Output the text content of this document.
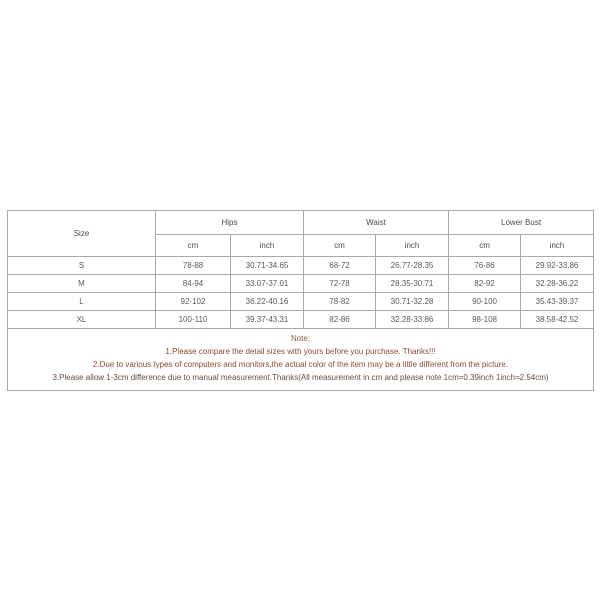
Size	Hips		Waist		Lower Bust	
	cm	inch	cm	inch	cm	inch
S	78-88	30.71-34.65	68-72	26.77-28.35	76-86	29.92-33.86
M	84-94	33.07-37.01	72-78	28.35-30.71	82-92	32.28-36.22
L	92-102	36.22-40.16	78-82	30.71-32.28	90-100	35.43-39.37
XL	100-110	39.37-43.31	82-86	32.28-33.86	98-108	38.58-42.52

Note:
1.Please compare the detail sizes with yours before you purchase. Thanks!!!
2.Due to various types of computers and monitors,the actual color of the item may be a little different from the picture.
3.Please allow 1-3cm difference due to manual measurement.Thanks(All measurement in cm and please note 1cm=0.39inch 1inch=2.54cm)						
